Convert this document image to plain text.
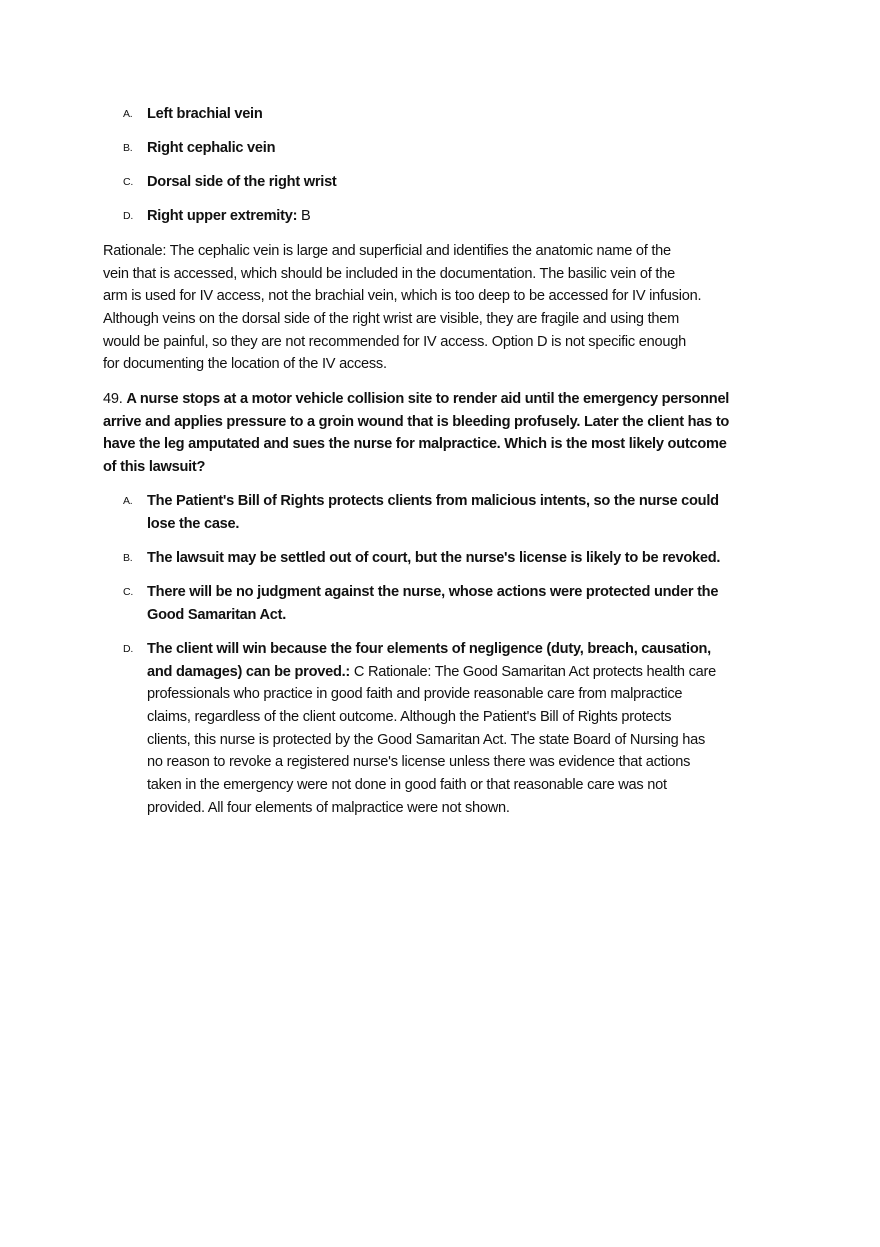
A. Left brachial vein
B. Right cephalic vein
C. Dorsal side of the right wrist
D. Right upper extremity: B
Rationale: The cephalic vein is large and superficial and identifies the anatomic name of the
vein that is accessed, which should be included in the documentation. The basilic vein of the
arm is used for IV access, not the brachial vein, which is too deep to be accessed for IV infusion.
Although veins on the dorsal side of the right wrist are visible, they are fragile and using them
would be painful, so they are not recommended for IV access. Option D is not specific enough
for documenting the location of the IV access.
49. A nurse stops at a motor vehicle collision site to render aid until the emergency personnel
arrive and applies pressure to a groin wound that is bleeding profusely. Later the client has to
have the leg amputated and sues the nurse for malpractice. Which is the most likely outcome
of this lawsuit?
A. The Patient's Bill of Rights protects clients from malicious intents, so the nurse could
lose the case.
B. The lawsuit may be settled out of court, but the nurse's license is likely to be revoked.
C. There will be no judgment against the nurse, whose actions were protected under the
Good Samaritan Act.
D. The client will win because the four elements of negligence (duty, breach, causation,
and damages) can be proved.: C Rationale: The Good Samaritan Act protects health care
professionals who practice in good faith and provide reasonable care from malpractice
claims, regardless of the client outcome. Although the Patient's Bill of Rights protects
clients, this nurse is protected by the Good Samaritan Act. The state Board of Nursing has
no reason to revoke a registered nurse's license unless there was evidence that actions
taken in the emergency were not done in good faith or that reasonable care was not
provided. All four elements of malpractice were not shown.
